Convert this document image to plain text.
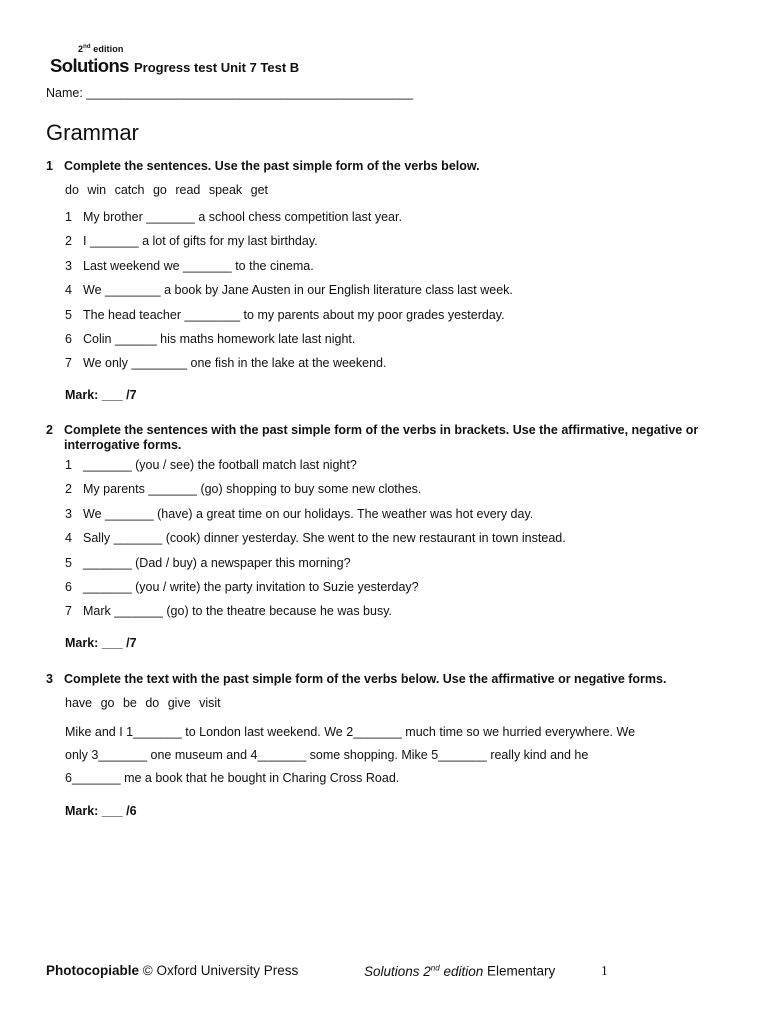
2nd edition
Solutions Progress test Unit 7 Test B
Name: _______________________________________________
Grammar
1 Complete the sentences. Use the past simple form of the verbs below.
do win catch go read speak get
1 My brother _______ a school chess competition last year.
2 I _______ a lot of gifts for my last birthday.
3 Last weekend we _______ to the cinema.
4 We ________ a book by Jane Austen in our English literature class last week.
5 The head teacher ________ to my parents about my poor grades yesterday.
6 Colin ______ his maths homework late last night.
7 We only ________ one fish in the lake at the weekend.
Mark: ___ /7
2 Complete the sentences with the past simple form of the verbs in brackets. Use the affirmative, negative or interrogative forms.
1 _______ (you / see) the football match last night?
2 My parents _______ (go) shopping to buy some new clothes.
3 We _______ (have) a great time on our holidays. The weather was hot every day.
4 Sally _______ (cook) dinner yesterday. She went to the new restaurant in town instead.
5 _______ (Dad / buy) a newspaper this morning?
6 _______ (you / write) the party invitation to Suzie yesterday?
7 Mark _______ (go) to the theatre because he was busy.
Mark: ___ /7
3 Complete the text with the past simple form of the verbs below. Use the affirmative or negative forms.
have go be do give visit
Mike and I 1_______ to London last weekend. We 2_______ much time so we hurried everywhere. We
only 3_______ one museum and 4_______ some shopping. Mike 5_______ really kind and he
6_______ me a book that he bought in Charing Cross Road.
Mark: ___ /6
Photocopiable © Oxford University Press	Solutions 2nd edition Elementary	1
